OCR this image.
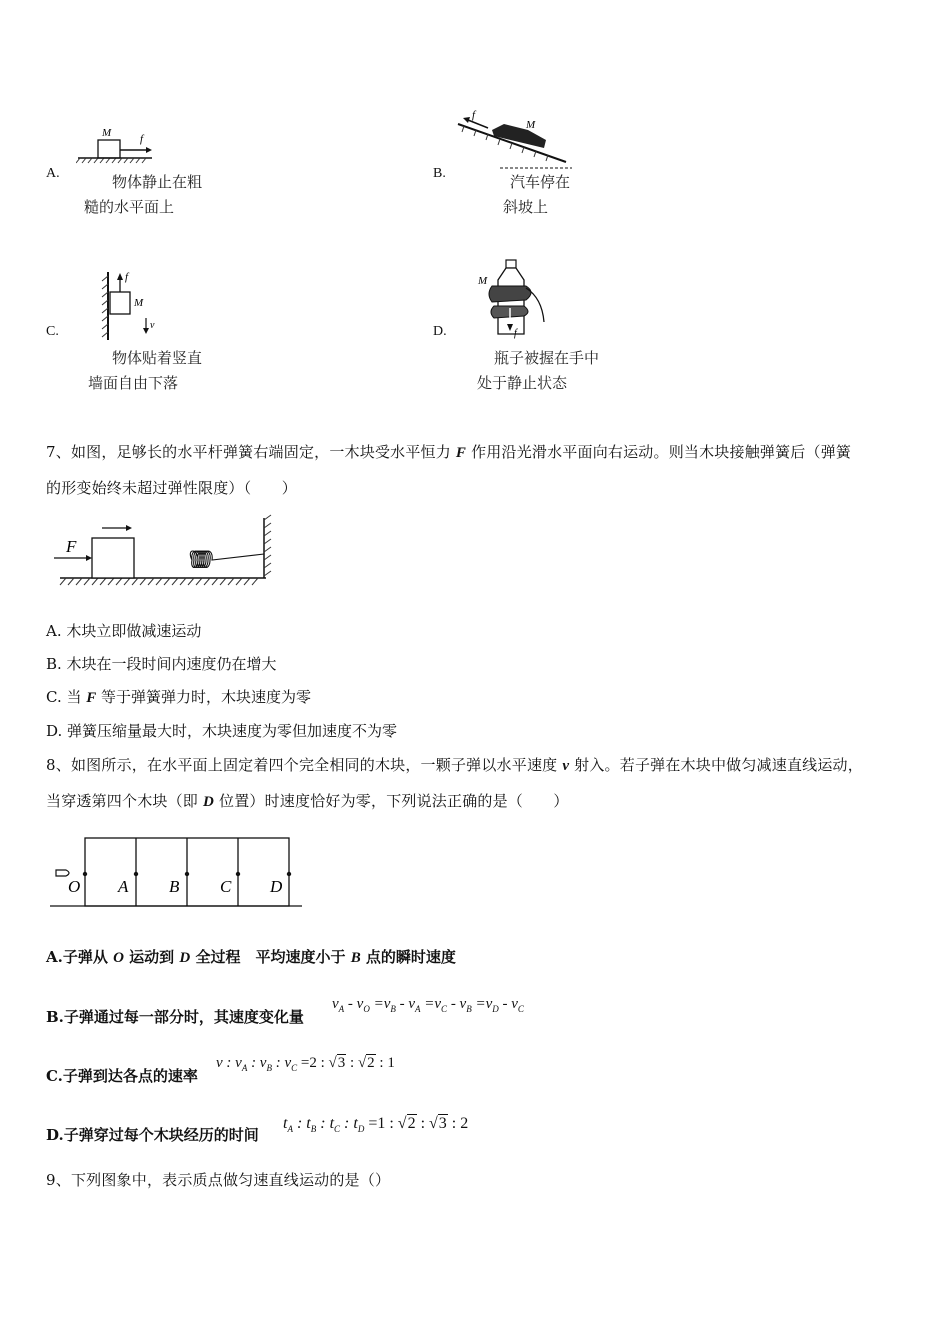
A.
M	f
物体静止在粗
糙的水平面上
B.
f
M
汽车停在
斜坡上
C.
f
M
v
物体贴着竖直
墙面自由下落
D.
M
f
瓶子被握在手中
处于静止状态
7、如图，足够长的水平杆弹簧右端固定，一木块受水平恒力 F 作用沿光滑水平面向右运动。则当木块接触弹簧后（弹簧
的形变始终未超过弹性限度）（　　）
F
A. 木块立即做减速运动
B. 木块在一段时间内速度仍在增大
C. 当 F 等于弹簧弹力时，木块速度为零
D. 弹簧压缩量最大时，木块速度为零但加速度不为零
8、如图所示，在水平面上固定着四个完全相同的木块，一颗子弹以水平速度 v 射入。若子弹在木块中做匀减速直线运动，
当穿透第四个木块（即 D 位置）时速度恰好为零，下列说法正确的是（　　）
O A B C D
A.子弹从 O 运动到 D 全过程　平均速度小于 B 点的瞬时速度
B.子弹通过每一部分时，其速度变化量
$v_A - v_O =v_B - v_A =v_C - v_B =v_D - v_C$
C.子弹到达各点的速率
v : $v_A$ : $v_B$ : $v_C =2$ : √3 : √2 : 1
D.子弹穿过每个木块经历的时间
$t_A$ : $t_B$ : $t_C$ : $t_D =1$ : √2 : √3 : 2
9、下列图象中，表示质点做匀速直线运动的是（）
